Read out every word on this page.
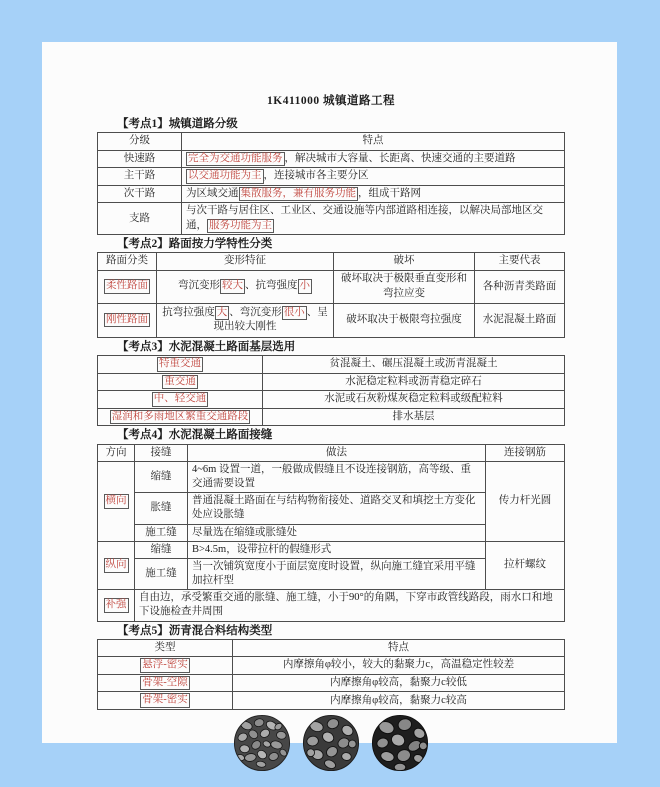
1K411000 城镇道路工程
【考点1】城镇道路分级
分级	特点
快速路	完全为交通功能服务 ，解决城市大容量、长距离、快速交通的主要道路
主干路	以交通功能为主 ，连接城市各主要分区
次干路	为区域交通 集散服务，兼有服务功能 ，组成干路网
支路	与次干路与居住区、工业区、交通设施等内部道路相连接，以解决局部地区交通， 服务功能为主
【考点2】路面按力学特性分类
路面分类	变形特征	破坏	主要代表
柔性路面	弯沉变形 较大 、抗弯强度 小	破坏取决于极限垂直变形和弯拉应变	各种沥青类路面
刚性路面	抗弯拉强度 大 、弯沉变形 很小 、呈现出较大刚性	破坏取决于极限弯拉强度	水泥混凝土路面
【考点3】水泥混凝土路面基层选用
特重交通	贫混凝土、碾压混凝土或沥青混凝土
重交通	水泥稳定粒料或沥青稳定碎石
中、轻交通	水泥或石灰粉煤灰稳定粒料或级配粒料
湿润和多雨地区繁重交通路段	排水基层
【考点4】水泥混凝土路面接缝
方向	接缝	做法	连接钢筋
横向	缩缝	4~6m 设置一道，一般做成假缝且不设连接钢筋，高等级、重交通需要设置	传力杆光圆
	胀缝	普通混凝土路面在与结构物衔接处、道路交叉和填挖土方变化处应设胀缝	
	施工缝	尽量选在缩缝或胀缝处	
纵向	缩缝	B>4.5m，设带拉杆的假缝形式	拉杆螺纹
	施工缝	当一次铺筑宽度小于面层宽度时设置，纵向施工缝宜采用平缝加拉杆型	
补强	自由边，承受繁重交通的胀缝、施工缝，小于90°的角隅，下穿市政管线路段，雨水口和地下设施检查井周围		
【考点5】沥青混合料结构类型
类型	特点
悬浮-密实	内摩擦角φ较小，较大的黏聚力c，高温稳定性较差
骨架-空隙	内摩擦角φ较高，黏聚力c较低
骨架-密实	内摩擦角φ较高，黏聚力c较高
